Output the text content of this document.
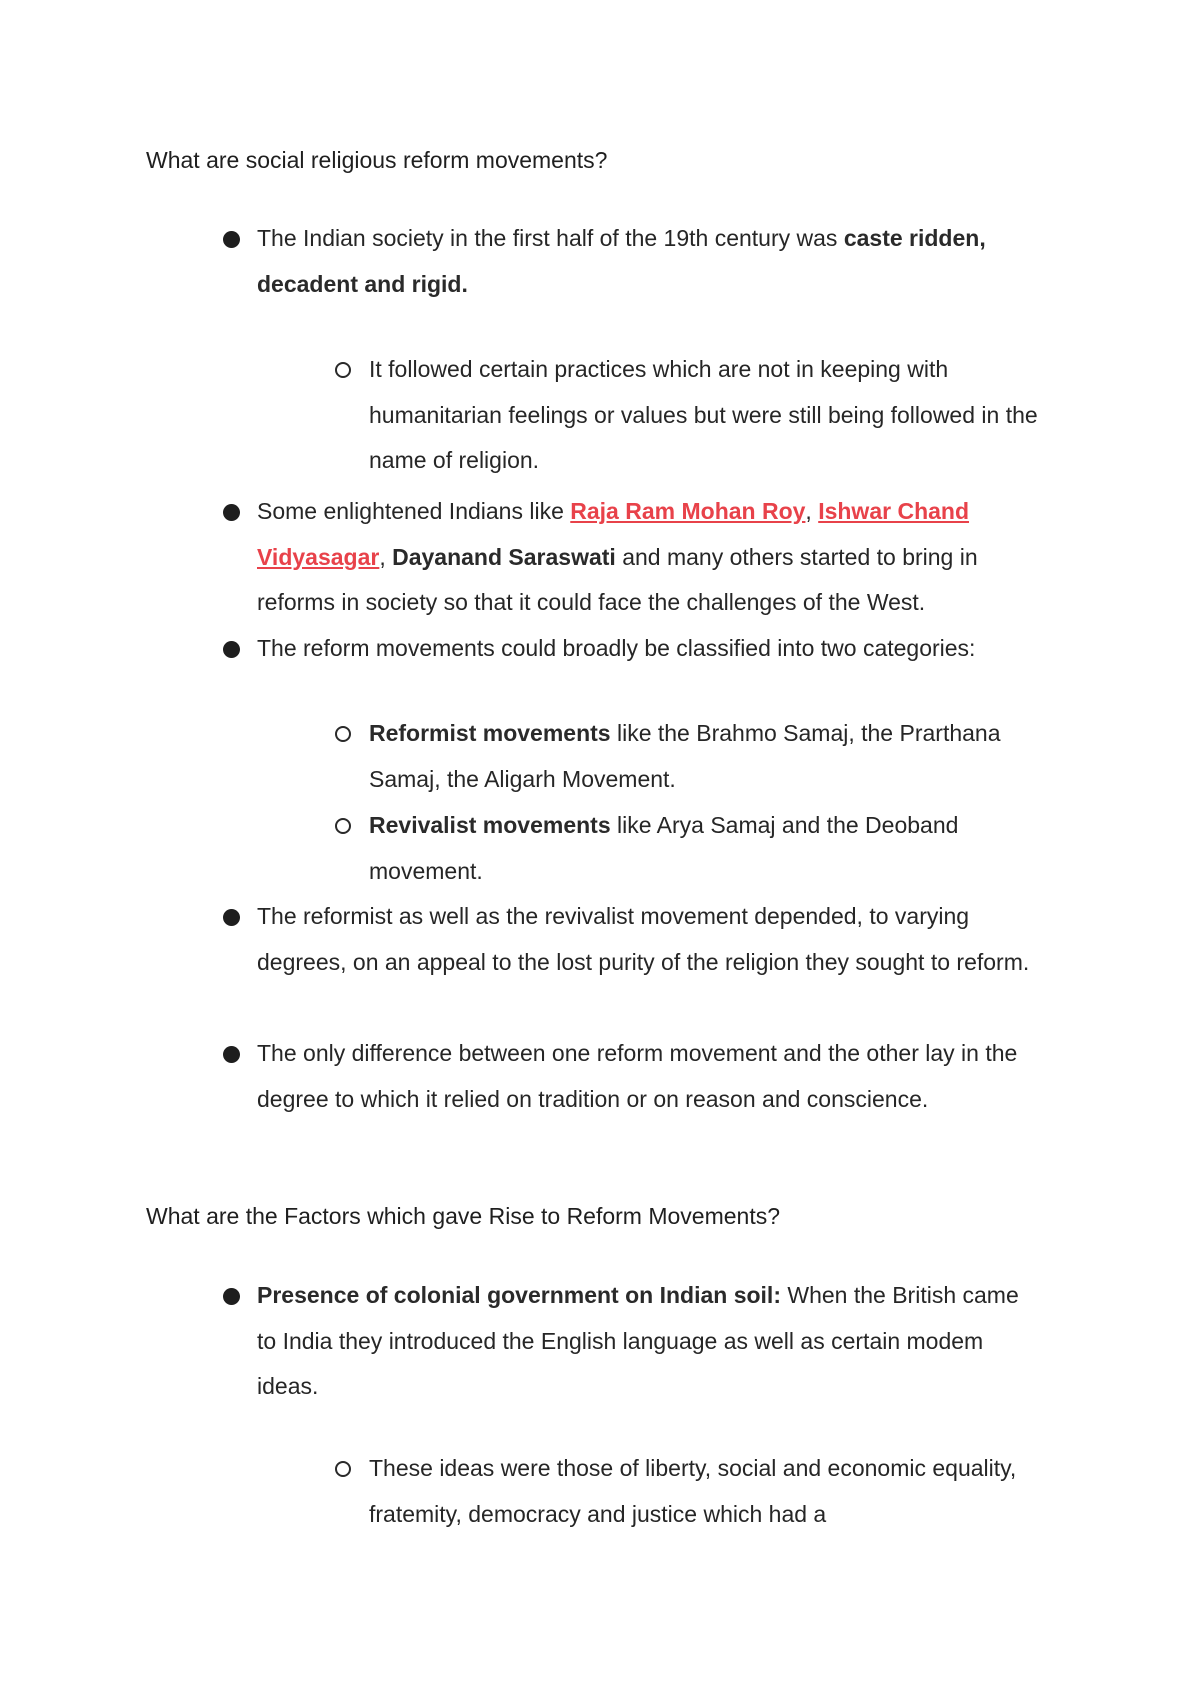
What are social religious reform movements?

The Indian society in the first half of the 19th century was caste ridden, decadent and rigid.

It followed certain practices which are not in keeping with humanitarian feelings or values but were still being followed in the name of religion.

Some enlightened Indians like Raja Ram Mohan Roy, Ishwar Chand Vidyasagar, Dayanand Saraswati and many others started to bring in reforms in society so that it could face the challenges of the West.

The reform movements could broadly be classified into two categories:

Reformist movements like the Brahmo Samaj, the Prarthana Samaj, the Aligarh Movement.

Revivalist movements like Arya Samaj and the Deoband movement.

The reformist as well as the revivalist movement depended, to varying degrees, on an appeal to the lost purity of the religion they sought to reform.

The only difference between one reform movement and the other lay in the degree to which it relied on tradition or on reason and conscience.

What are the Factors which gave Rise to Reform Movements?

Presence of colonial government on Indian soil: When the British came to India they introduced the English language as well as certain modem ideas.

These ideas were those of liberty, social and economic equality, fratemity, democracy and justice which had a
